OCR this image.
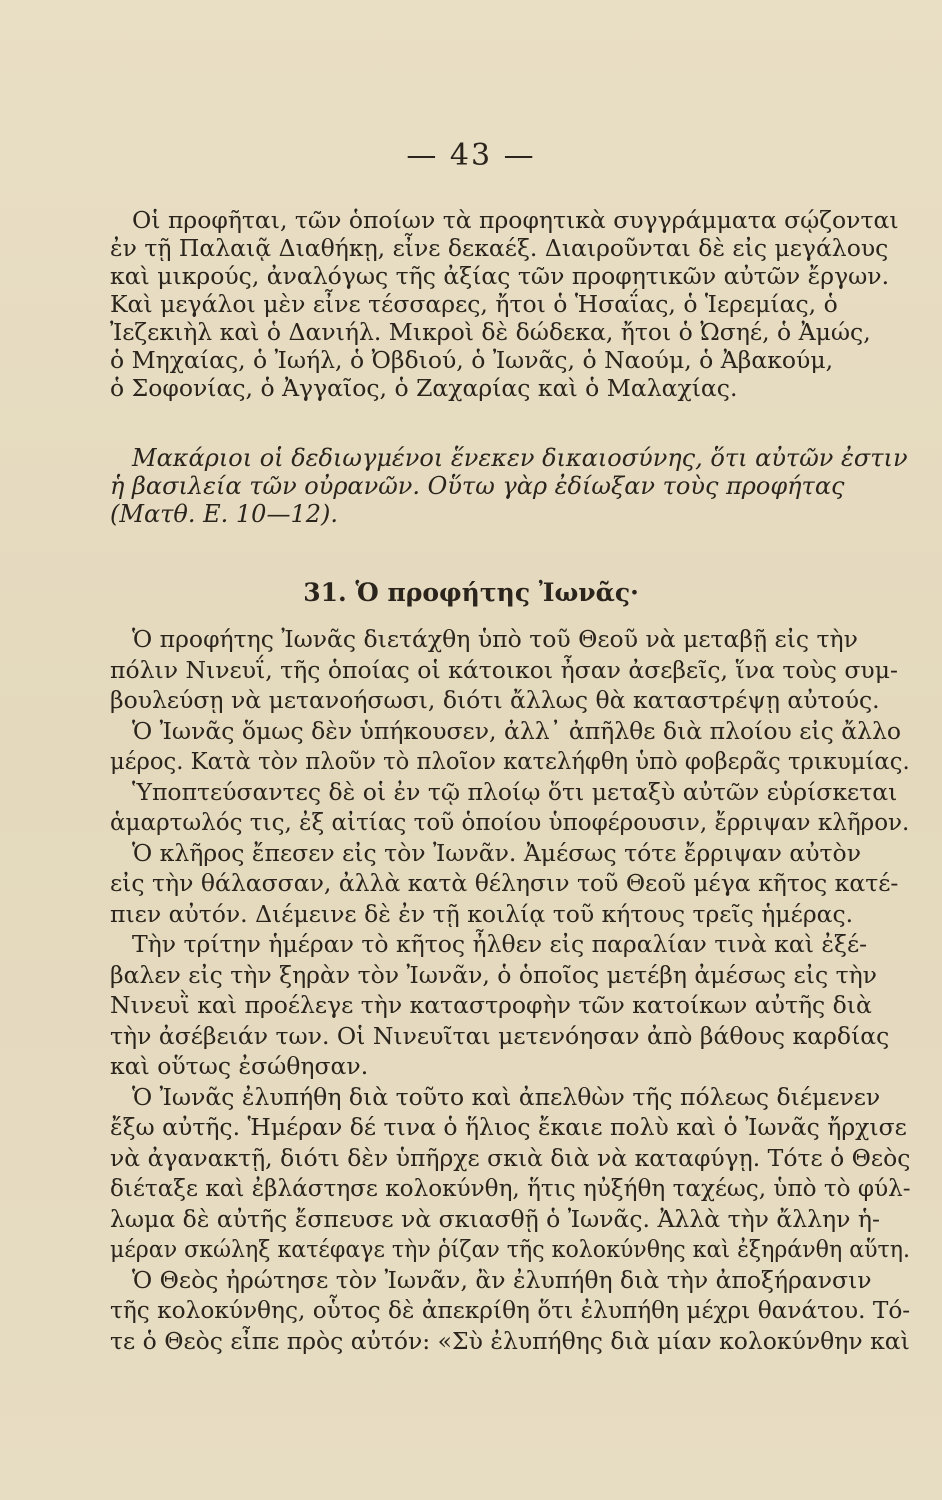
— 43 —
Οἱ προφῆται, τῶν ὁποίων τὰ προφητικὰ συγγράμματα σῴζονται
ἐν τῇ Παλαιᾷ Διαθήκῃ, εἶνε δεκαέξ. Διαιροῦνται δὲ εἰς μεγάλους
καὶ μικρούς, ἀναλόγως τῆς ἀξίας τῶν προφητικῶν αὐτῶν ἔργων.
Καὶ μεγάλοι μὲν εἶνε τέσσαρες, ἤτοι ὁ Ἡσαΐας, ὁ Ἱερεμίας, ὁ
Ἰεζεκιὴλ καὶ ὁ Δανιήλ. Μικροὶ δὲ δώδεκα, ἤτοι ὁ Ὠσηέ, ὁ Ἀμώς,
ὁ Μηχαίας, ὁ Ἰωήλ, ὁ Ὀβδιού, ὁ Ἰωνᾶς, ὁ Ναούμ, ὁ Ἀβακούμ,
ὁ Σοφονίας, ὁ Ἀγγαῖος, ὁ Ζαχαρίας καὶ ὁ Μαλαχίας.
Μακάριοι οἱ δεδιωγμένοι ἕνεκεν δικαιοσύνης, ὅτι αὐτῶν ἐστιν
ἡ βασιλεία τῶν οὐρανῶν. Οὕτω γὰρ ἐδίωξαν τοὺς προφήτας
(Ματθ. Ε. 10—12).
31. Ὁ προφήτης Ἰωνᾶς·
Ὁ προφήτης Ἰωνᾶς διετάχθη ὑπὸ τοῦ Θεοῦ νὰ μεταβῇ εἰς τὴν
πόλιν Νινευΐ, τῆς ὁποίας οἱ κάτοικοι ἦσαν ἀσεβεῖς, ἵνα τοὺς συμ-
βουλεύσῃ νὰ μετανοήσωσι, διότι ἄλλως θὰ καταστρέψῃ αὐτούς.
Ὁ Ἰωνᾶς ὅμως δὲν ὑπήκουσεν, ἀλλ᾽ ἀπῆλθε διὰ πλοίου εἰς ἄλλο
μέρος. Κατὰ τὸν πλοῦν τὸ πλοῖον κατελήφθη ὑπὸ φοβερᾶς τρικυμίας.
Ὑποπτεύσαντες δὲ οἱ ἐν τῷ πλοίῳ ὅτι μεταξὺ αὐτῶν εὑρίσκεται
ἁμαρτωλός τις, ἐξ αἰτίας τοῦ ὁποίου ὑποφέρουσιν, ἔρριψαν κλῆρον.
Ὁ κλῆρος ἔπεσεν εἰς τὸν Ἰωνᾶν. Ἀμέσως τότε ἔρριψαν αὐτὸν
εἰς τὴν θάλασσαν, ἀλλὰ κατὰ θέλησιν τοῦ Θεοῦ μέγα κῆτος κατέ-
πιεν αὐτόν. Διέμεινε δὲ ἐν τῇ κοιλίᾳ τοῦ κήτους τρεῖς ἡμέρας.
Τὴν τρίτην ἡμέραν τὸ κῆτος ἦλθεν εἰς παραλίαν τινὰ καὶ ἐξέ-
βαλεν εἰς τὴν ξηρὰν τὸν Ἰωνᾶν, ὁ ὁποῖος μετέβη ἀμέσως εἰς τὴν
Νινευῒ καὶ προέλεγε τὴν καταστροφὴν τῶν κατοίκων αὐτῆς διὰ
τὴν ἀσέβειάν των. Οἱ Νινευῖται μετενόησαν ἀπὸ βάθους καρδίας
καὶ οὕτως ἐσώθησαν.
Ὁ Ἰωνᾶς ἐλυπήθη διὰ τοῦτο καὶ ἀπελθὼν τῆς πόλεως διέμενεν
ἔξω αὐτῆς. Ἡμέραν δέ τινα ὁ ἥλιος ἔκαιε πολὺ καὶ ὁ Ἰωνᾶς ἤρχισε
νὰ ἀγανακτῇ, διότι δὲν ὑπῆρχε σκιὰ διὰ νὰ καταφύγῃ. Τότε ὁ Θεὸς
διέταξε καὶ ἐβλάστησε κολοκύνθη, ἥτις ηὐξήθη ταχέως, ὑπὸ τὸ φύλ-
λωμα δὲ αὐτῆς ἔσπευσε νὰ σκιασθῇ ὁ Ἰωνᾶς. Ἀλλὰ τὴν ἄλλην ἡ-
μέραν σκώληξ κατέφαγε τὴν ῥίζαν τῆς κολοκύνθης καὶ ἐξηράνθη αὕτη.
Ὁ Θεὸς ἠρώτησε τὸν Ἰωνᾶν, ἂν ἐλυπήθη διὰ τὴν ἀποξήρανσιν
τῆς κολοκύνθης, οὗτος δὲ ἀπεκρίθη ὅτι ἐλυπήθη μέχρι θανάτου. Τό-
τε ὁ Θεὸς εἶπε πρὸς αὐτόν: «Σὺ ἐλυπήθης διὰ μίαν κολοκύνθην καὶ
